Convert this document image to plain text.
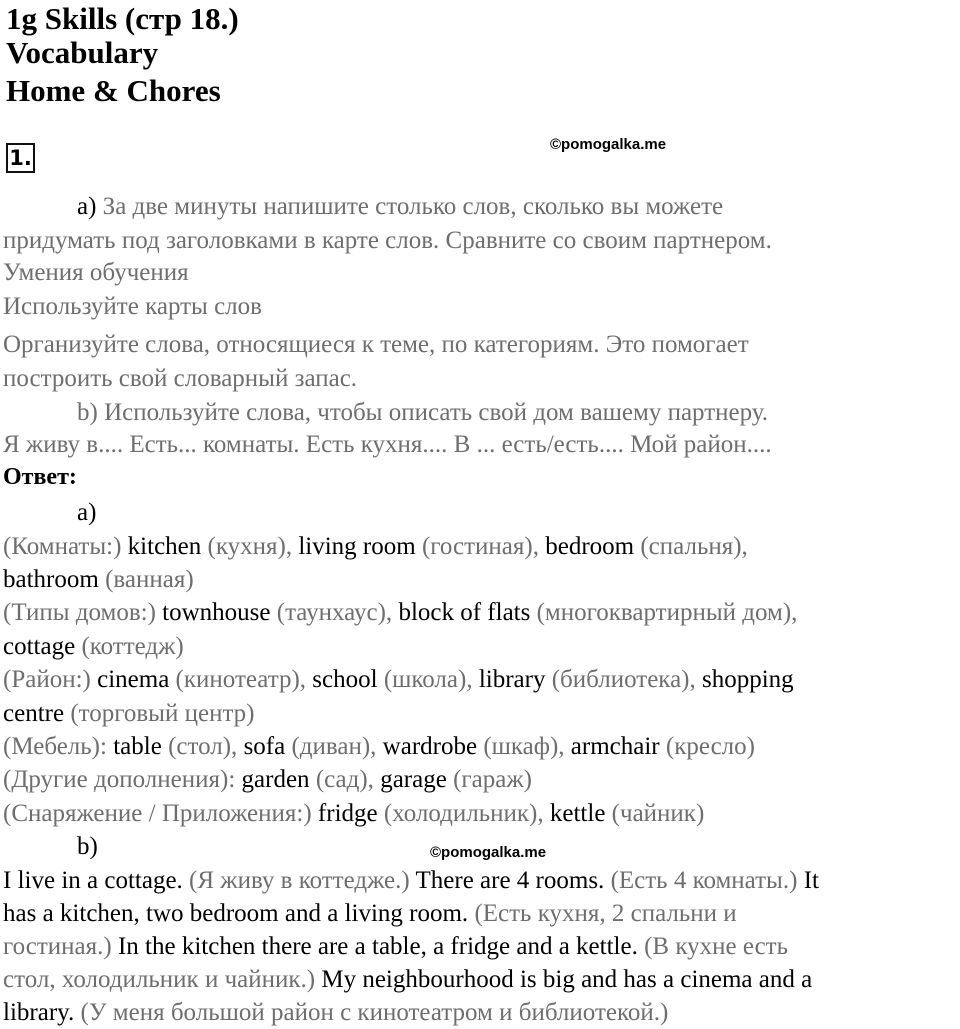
1g Skills (стр 18.)
Vocabulary
Home & Chores
1.
©pomogalka.me
©pomogalka.me
a) За две минуты напишите столько слов, сколько вы можете
придумать под заголовками в карте слов. Сравните со своим партнером.
Умения обучения
Используйте карты слов
Организуйте слова, относящиеся к теме, по категориям. Это помогает
построить свой словарный запас.
b) Используйте слова, чтобы описать свой дом вашему партнеру.
Я живу в.... Есть... комнаты. Есть кухня.... В ... есть/есть.... Мой район....
Ответ:
a)
(Комнаты:) kitchen (кухня), living room (гостиная), bedroom (спальня),
bathroom (ванная)
(Типы домов:) townhouse (таунхаус), block of flats (многоквартирный дом),
cottage (коттедж)
(Район:) cinema (кинотеатр), school (школа), library (библиотека), shopping
centre (торговый центр)
(Мебель): table (стол), sofa (диван), wardrobe (шкаф), armchair (кресло)
(Другие дополнения): garden (сад), garage (гараж)
(Снаряжение / Приложения:) fridge (холодильник), kettle (чайник)
b)
I live in a cottage. (Я живу в коттедже.) There are 4 rooms. (Есть 4 комнаты.) It
has a kitchen, two bedroom and a living room. (Есть кухня, 2 спальни и
гостиная.) In the kitchen there are a table, a fridge and a kettle. (В кухне есть
стол, холодильник и чайник.) My neighbourhood is big and has a cinema and a
library. (У меня большой район с кинотеатром и библиотекой.)
